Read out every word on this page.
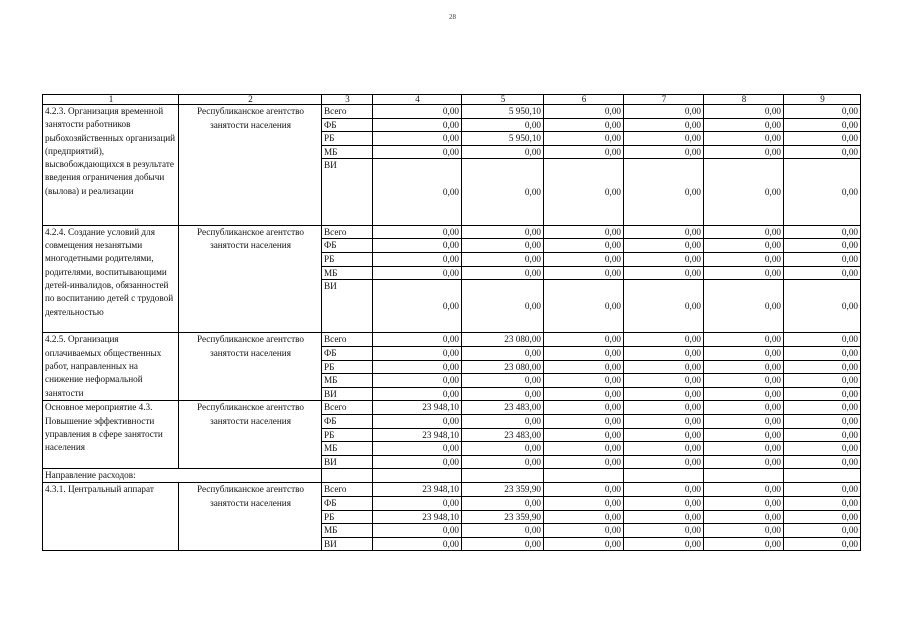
28
1	2	3	4	5	6	7	8	9
4.2.3. Организация временной занятости работников рыбохозяйственных организаций (предприятий), высвобождающихся в результате введения ограничения добычи (вылова) и реализации	Республиканское агентство занятости населения	Всего	0,00	5 950,10	0,00	0,00	0,00	0,00
		ФБ	0,00	0,00	0,00	0,00	0,00	0,00
		РБ	0,00	5 950,10	0,00	0,00	0,00	0,00
		МБ	0,00	0,00	0,00	0,00	0,00	0,00
		ВИ	0,00	0,00	0,00	0,00	0,00	0,00
4.2.4. Создание условий для совмещения незанятыми многодетными родителями, родителями, воспитывающими детей-инвалидов, обязанностей по воспитанию детей с трудовой деятельностью	Республиканское агентство занятости населения	Всего	0,00	0,00	0,00	0,00	0,00	0,00
		ФБ	0,00	0,00	0,00	0,00	0,00	0,00
		РБ	0,00	0,00	0,00	0,00	0,00	0,00
		МБ	0,00	0,00	0,00	0,00	0,00	0,00
		ВИ	0,00	0,00	0,00	0,00	0,00	0,00
4.2.5. Организация оплачиваемых общественных работ, направленных на снижение неформальной занятости	Республиканское агентство занятости населения	Всего	0,00	23 080,00	0,00	0,00	0,00	0,00
		ФБ	0,00	0,00	0,00	0,00	0,00	0,00
		РБ	0,00	23 080,00	0,00	0,00	0,00	0,00
		МБ	0,00	0,00	0,00	0,00	0,00	0,00
		ВИ	0,00	0,00	0,00	0,00	0,00	0,00
Основное мероприятие 4.3. Повышение эффективности управления в сфере занятости населения	Республиканское агентство занятости населения	Всего	23 948,10	23 483,00	0,00	0,00	0,00	0,00
		ФБ	0,00	0,00	0,00	0,00	0,00	0,00
		РБ	23 948,10	23 483,00	0,00	0,00	0,00	0,00
		МБ	0,00	0,00	0,00	0,00	0,00	0,00
		ВИ	0,00	0,00	0,00	0,00	0,00	0,00
Направление расходов:								
4.3.1. Центральный аппарат	Республиканское агентство занятости населения	Всего	23 948,10	23 359,90	0,00	0,00	0,00	0,00
		ФБ	0,00	0,00	0,00	0,00	0,00	0,00
		РБ	23 948,10	23 359,90	0,00	0,00	0,00	0,00
		МБ	0,00	0,00	0,00	0,00	0,00	0,00
		ВИ	0,00	0,00	0,00	0,00	0,00	0,00
